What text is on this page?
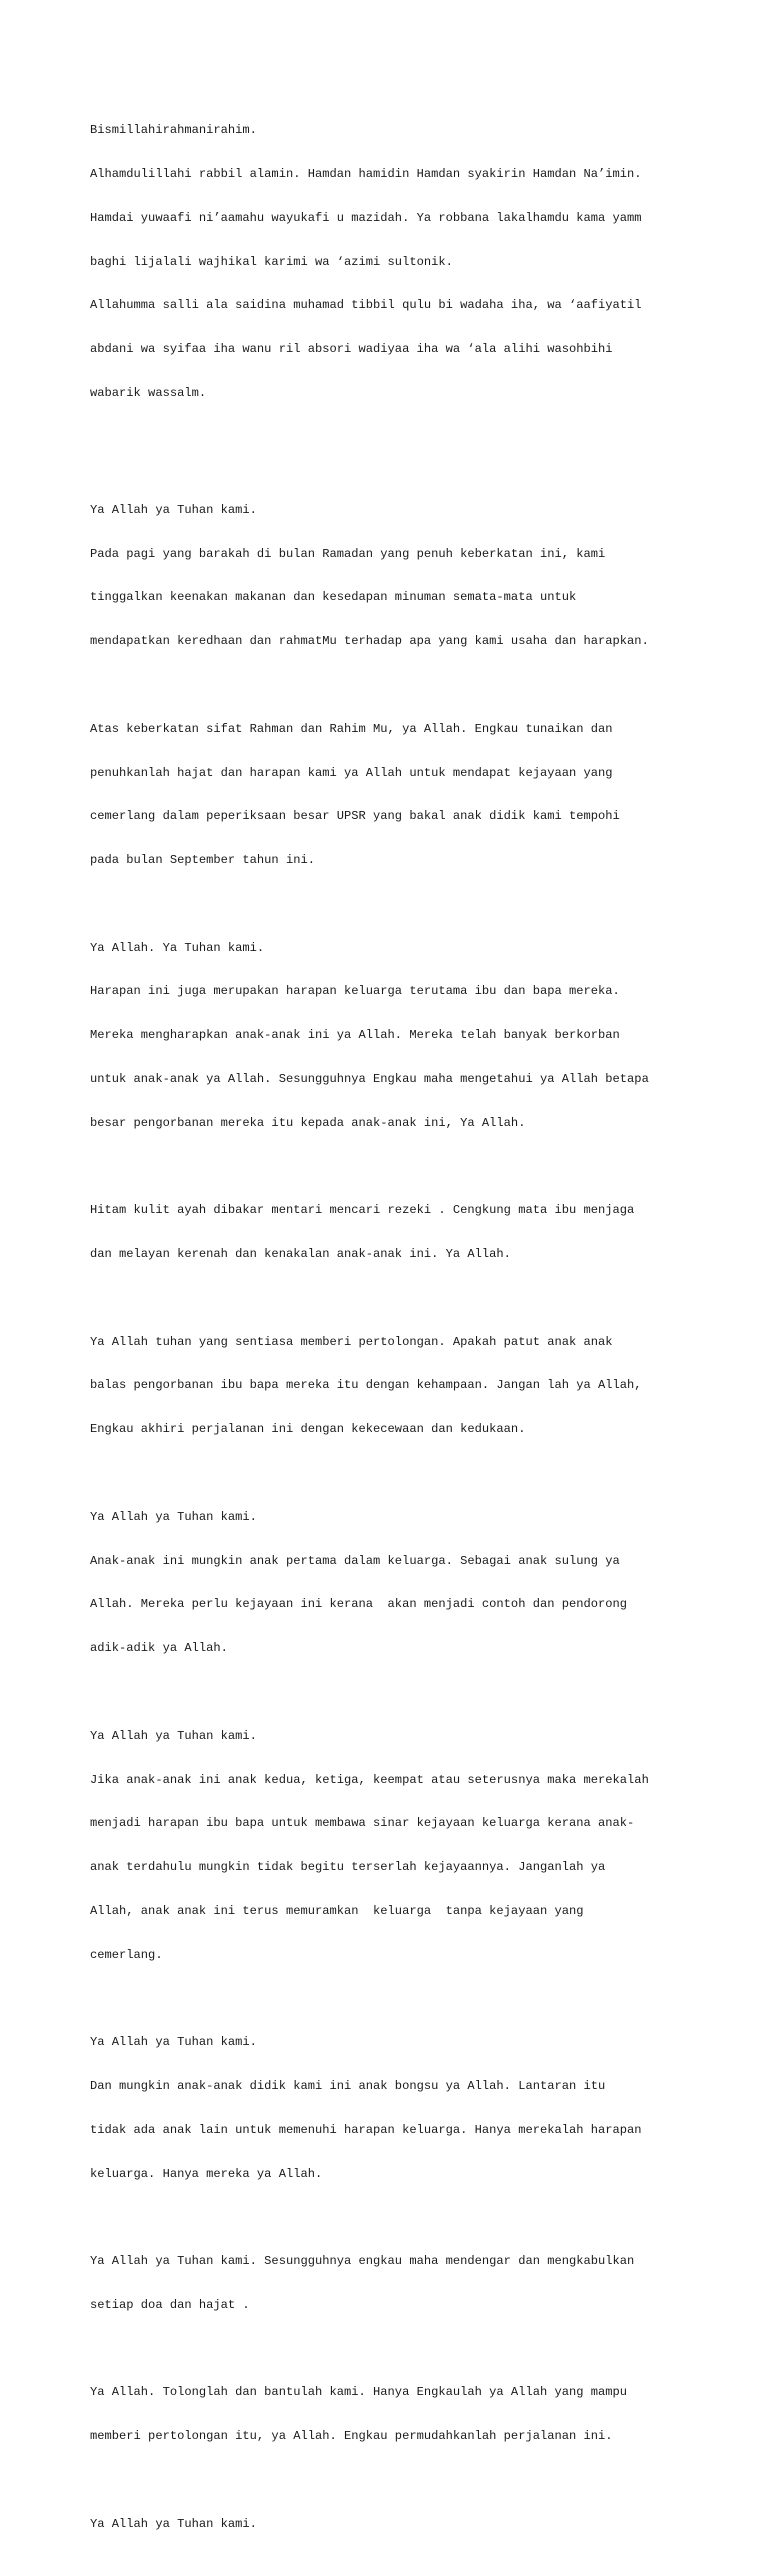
Bismillahirahmanirahim.

Alhamdulillahi rabbil alamin. Hamdan hamidin Hamdan syakirin Hamdan Na’imin.

Hamdai yuwaafi ni’aamahu wayukafi u mazidah. Ya robbana lakalhamdu kama yamm

baghi lijalali wajhikal karimi wa ‘azimi sultonik.

Allahumma salli ala saidina muhamad tibbil qulu bi wadaha iha, wa ‘aafiyatil

abdani wa syifaa iha wanu ril absori wadiyaa iha wa ‘ala alihi wasohbihi

wabarik wassalm.

Ya Allah ya Tuhan kami.

Pada pagi yang barakah di bulan Ramadan yang penuh keberkatan ini, kami

tinggalkan keenakan makanan dan kesedapan minuman semata-mata untuk

mendapatkan keredhaan dan rahmatMu terhadap apa yang kami usaha dan harapkan.

Atas keberkatan sifat Rahman dan Rahim Mu, ya Allah. Engkau tunaikan dan

penuhkanlah hajat dan harapan kami ya Allah untuk mendapat kejayaan yang

cemerlang dalam peperiksaan besar UPSR yang bakal anak didik kami tempohi

pada bulan September tahun ini.

Ya Allah. Ya Tuhan kami.

Harapan ini juga merupakan harapan keluarga terutama ibu dan bapa mereka.

Mereka mengharapkan anak-anak ini ya Allah. Mereka telah banyak berkorban

untuk anak-anak ya Allah. Sesungguhnya Engkau maha mengetahui ya Allah betapa

besar pengorbanan mereka itu kepada anak-anak ini, Ya Allah.

Hitam kulit ayah dibakar mentari mencari rezeki . Cengkung mata ibu menjaga

dan melayan kerenah dan kenakalan anak-anak ini. Ya Allah.

Ya Allah tuhan yang sentiasa memberi pertolongan. Apakah patut anak anak

balas pengorbanan ibu bapa mereka itu dengan kehampaan. Jangan lah ya Allah,

Engkau akhiri perjalanan ini dengan kekecewaan dan kedukaan.

Ya Allah ya Tuhan kami.

Anak-anak ini mungkin anak pertama dalam keluarga. Sebagai anak sulung ya

Allah. Mereka perlu kejayaan ini kerana  akan menjadi contoh dan pendorong

adik-adik ya Allah.

Ya Allah ya Tuhan kami.

Jika anak-anak ini anak kedua, ketiga, keempat atau seterusnya maka merekalah

menjadi harapan ibu bapa untuk membawa sinar kejayaan keluarga kerana anak-

anak terdahulu mungkin tidak begitu terserlah kejayaannya. Janganlah ya

Allah, anak anak ini terus memuramkan  keluarga  tanpa kejayaan yang

cemerlang.

Ya Allah ya Tuhan kami.

Dan mungkin anak-anak didik kami ini anak bongsu ya Allah. Lantaran itu

tidak ada anak lain untuk memenuhi harapan keluarga. Hanya merekalah harapan

keluarga. Hanya mereka ya Allah.

Ya Allah ya Tuhan kami. Sesungguhnya engkau maha mendengar dan mengkabulkan

setiap doa dan hajat .

Ya Allah. Tolonglah dan bantulah kami. Hanya Engkaulah ya Allah yang mampu

memberi pertolongan itu, ya Allah. Engkau permudahkanlah perjalanan ini.

Ya Allah ya Tuhan kami.
